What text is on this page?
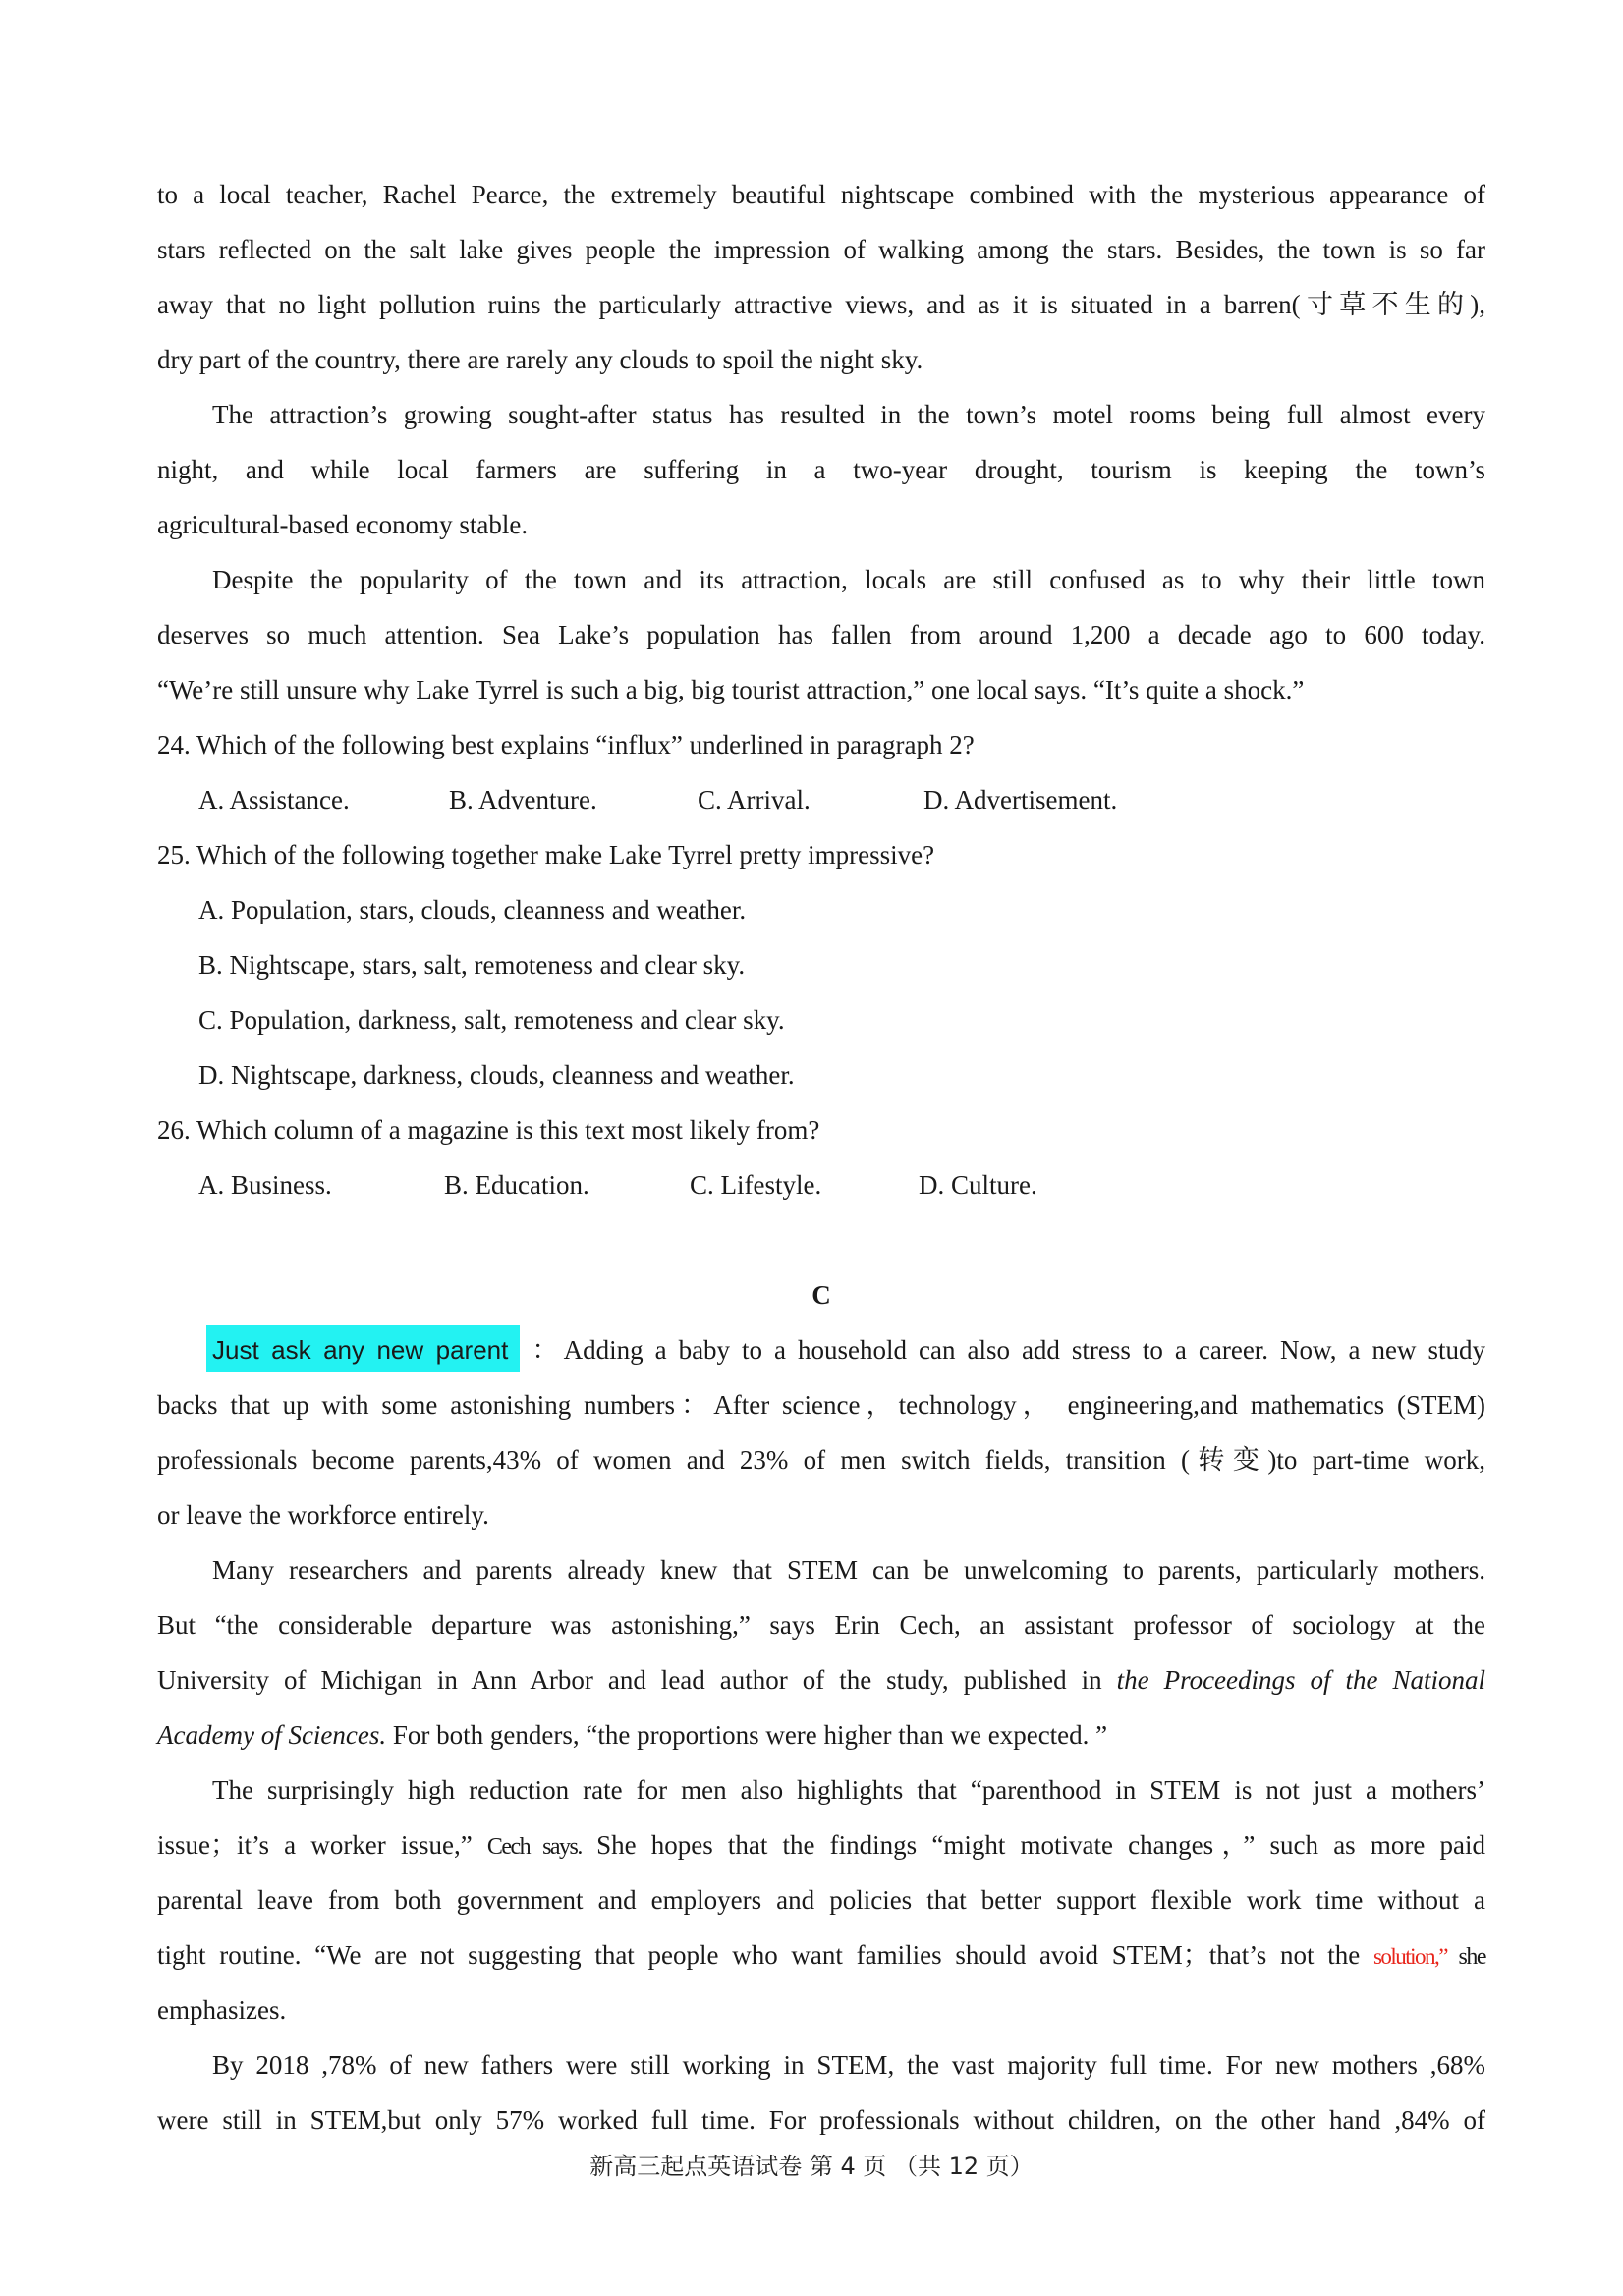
to a local teacher, Rachel Pearce, the extremely beautiful nightscape combined with the mysterious appearance of
stars reflected on the salt lake gives people the impression of walking among the stars. Besides, the town is so far
away that no light pollution ruins the particularly attractive views, and as it is situated in a barren(寸草不生的),
dry part of the country, there are rarely any clouds to spoil the night sky.
The attraction’s growing sought-after status has resulted in the town’s motel rooms being full almost every
night, and while local farmers are suffering in a two-year drought, tourism is keeping the town’s
agricultural-based economy stable.
Despite the popularity of the town and its attraction, locals are still confused as to why their little town
deserves so much attention. Sea Lake’s population has fallen from around 1,200 a decade ago to 600 today.
“We’re still unsure why Lake Tyrrel is such a big, big tourist attraction,” one local says. “It’s quite a shock.”
24. Which of the following best explains “influx” underlined in paragraph 2?
A. Assistance.	B. Adventure.	C. Arrival.	D. Advertisement.
25. Which of the following together make Lake Tyrrel pretty impressive?
A. Population, stars, clouds, cleanness and weather.
B. Nightscape, stars, salt, remoteness and clear sky.
C. Population, darkness, salt, remoteness and clear sky.
D. Nightscape, darkness, clouds, cleanness and weather.
26. Which column of a magazine is this text most likely from?
A. Business.	B. Education.	C. Lifestyle.	D. Culture.
C
Just ask any new parent ：Adding a baby to a household can also add stress to a career. Now, a new study
backs that up with some astonishing numbers：After science，technology， engineering,and mathematics (STEM)
professionals become parents,43% of women and 23% of men switch fields, transition (转变)to part-time work,
or leave the workforce entirely.
Many researchers and parents already knew that STEM can be unwelcoming to parents, particularly mothers.
But “the considerable departure was astonishing,” says Erin Cech, an assistant professor of sociology at the
University of Michigan in Ann Arbor and lead author of the study, published in the Proceedings of the National
Academy of Sciences. For both genders, “the proportions were higher than we expected. ”
The surprisingly high reduction rate for men also highlights that “parenthood in STEM is not just a mothers’
issue；it’s a worker issue,” Cech says. She hopes that the findings “might motivate changes，” such as more paid
parental leave from both government and employers and policies that better support flexible work time without a
tight routine. “We are not suggesting that people who want families should avoid STEM；that’s not the solution,” she
emphasizes.
By 2018 ,78% of new fathers were still working in STEM, the vast majority full time. For new mothers ,68%
were still in STEM,but only 57% worked full time. For professionals without children, on the other hand ,84% of
新高三起点英语试卷 第 4 页 （共 12 页）
